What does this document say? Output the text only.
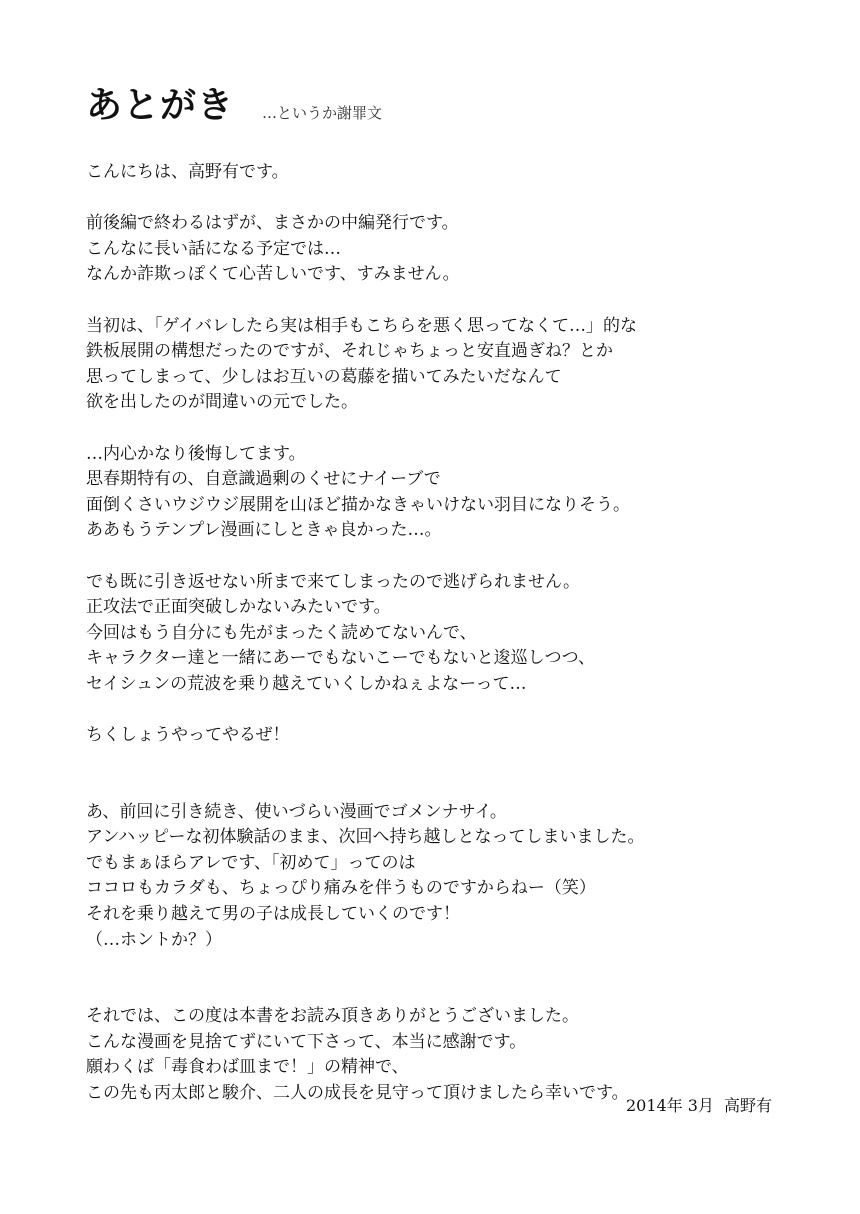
あとがき …というか謝罪文
こんにちは、高野有です。
前後編で終わるはずが、まさかの中編発行です。
こんなに長い話になる予定では…
なんか詐欺っぽくて心苦しいです、すみません。
当初は、「ゲイバレしたら実は相手もこちらを悪く思ってなくて…」的な
鉄板展開の構想だったのですが、それじゃちょっと安直過ぎね？とか
思ってしまって、少しはお互いの葛藤を描いてみたいだなんて
欲を出したのが間違いの元でした。
…内心かなり後悔してます。
思春期特有の、自意識過剰のくせにナイーブで
面倒くさいウジウジ展開を山ほど描かなきゃいけない羽目になりそう。
ああもうテンプレ漫画にしときゃ良かった…。
でも既に引き返せない所まで来てしまったので逃げられません。
正攻法で正面突破しかないみたいです。
今回はもう自分にも先がまったく読めてないんで、
キャラクター達と一緒にあーでもないこーでもないと逡巡しつつ、
セイシュンの荒波を乗り越えていくしかねぇよなーって…
ちくしょうやってやるぜ！
あ、前回に引き続き、使いづらい漫画でゴメンナサイ。
アンハッピーな初体験話のまま、次回へ持ち越しとなってしまいました。
でもまぁほらアレです、「初めて」ってのは
ココロもカラダも、ちょっぴり痛みを伴うものですからねー（笑）
それを乗り越えて男の子は成長していくのです！
（…ホントか？）
それでは、この度は本書をお読み頂きありがとうございました。
こんな漫画を見捨てずにいて下さって、本当に感謝です。
願わくば「毒食わば皿まで！」の精神で、
この先も丙太郎と駿介、二人の成長を見守って頂けましたら幸いです。
2014年 3月 高野有
